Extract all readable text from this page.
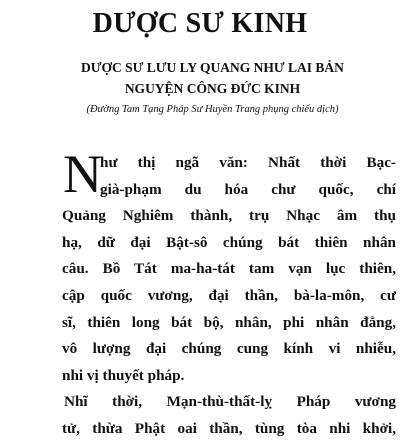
DƯỢC SƯ KINH
DƯỢC SƯ LƯU LY QUANG NHƯ LAI BẢN
NGUYỆN CÔNG ĐỨC KINH
(Đường Tam Tạng Pháp Sư Huyền Trang phụng chiếu dịch)
N
hư thị ngã văn: Nhất thời Bạc-
già-phạm du hóa chư quốc, chí
Quảng Nghiêm thành, trụ Nhạc âm thụ
hạ, dữ đại Bật-sô chúng bát thiên nhân
câu. Bồ Tát ma-ha-tát tam vạn lục thiên,
cập quốc vương, đại thần, bà-la-môn, cư
sĩ, thiên long bát bộ, nhân, phi nhân đẳng,
vô lượng đại chúng cung kính vi nhiễu,
nhi vị thuyết pháp.
Nhĩ thời, Mạn-thù-thất-lỵ Pháp vương
tử, thừa Phật oai thần, tùng tòa nhi khởi,
